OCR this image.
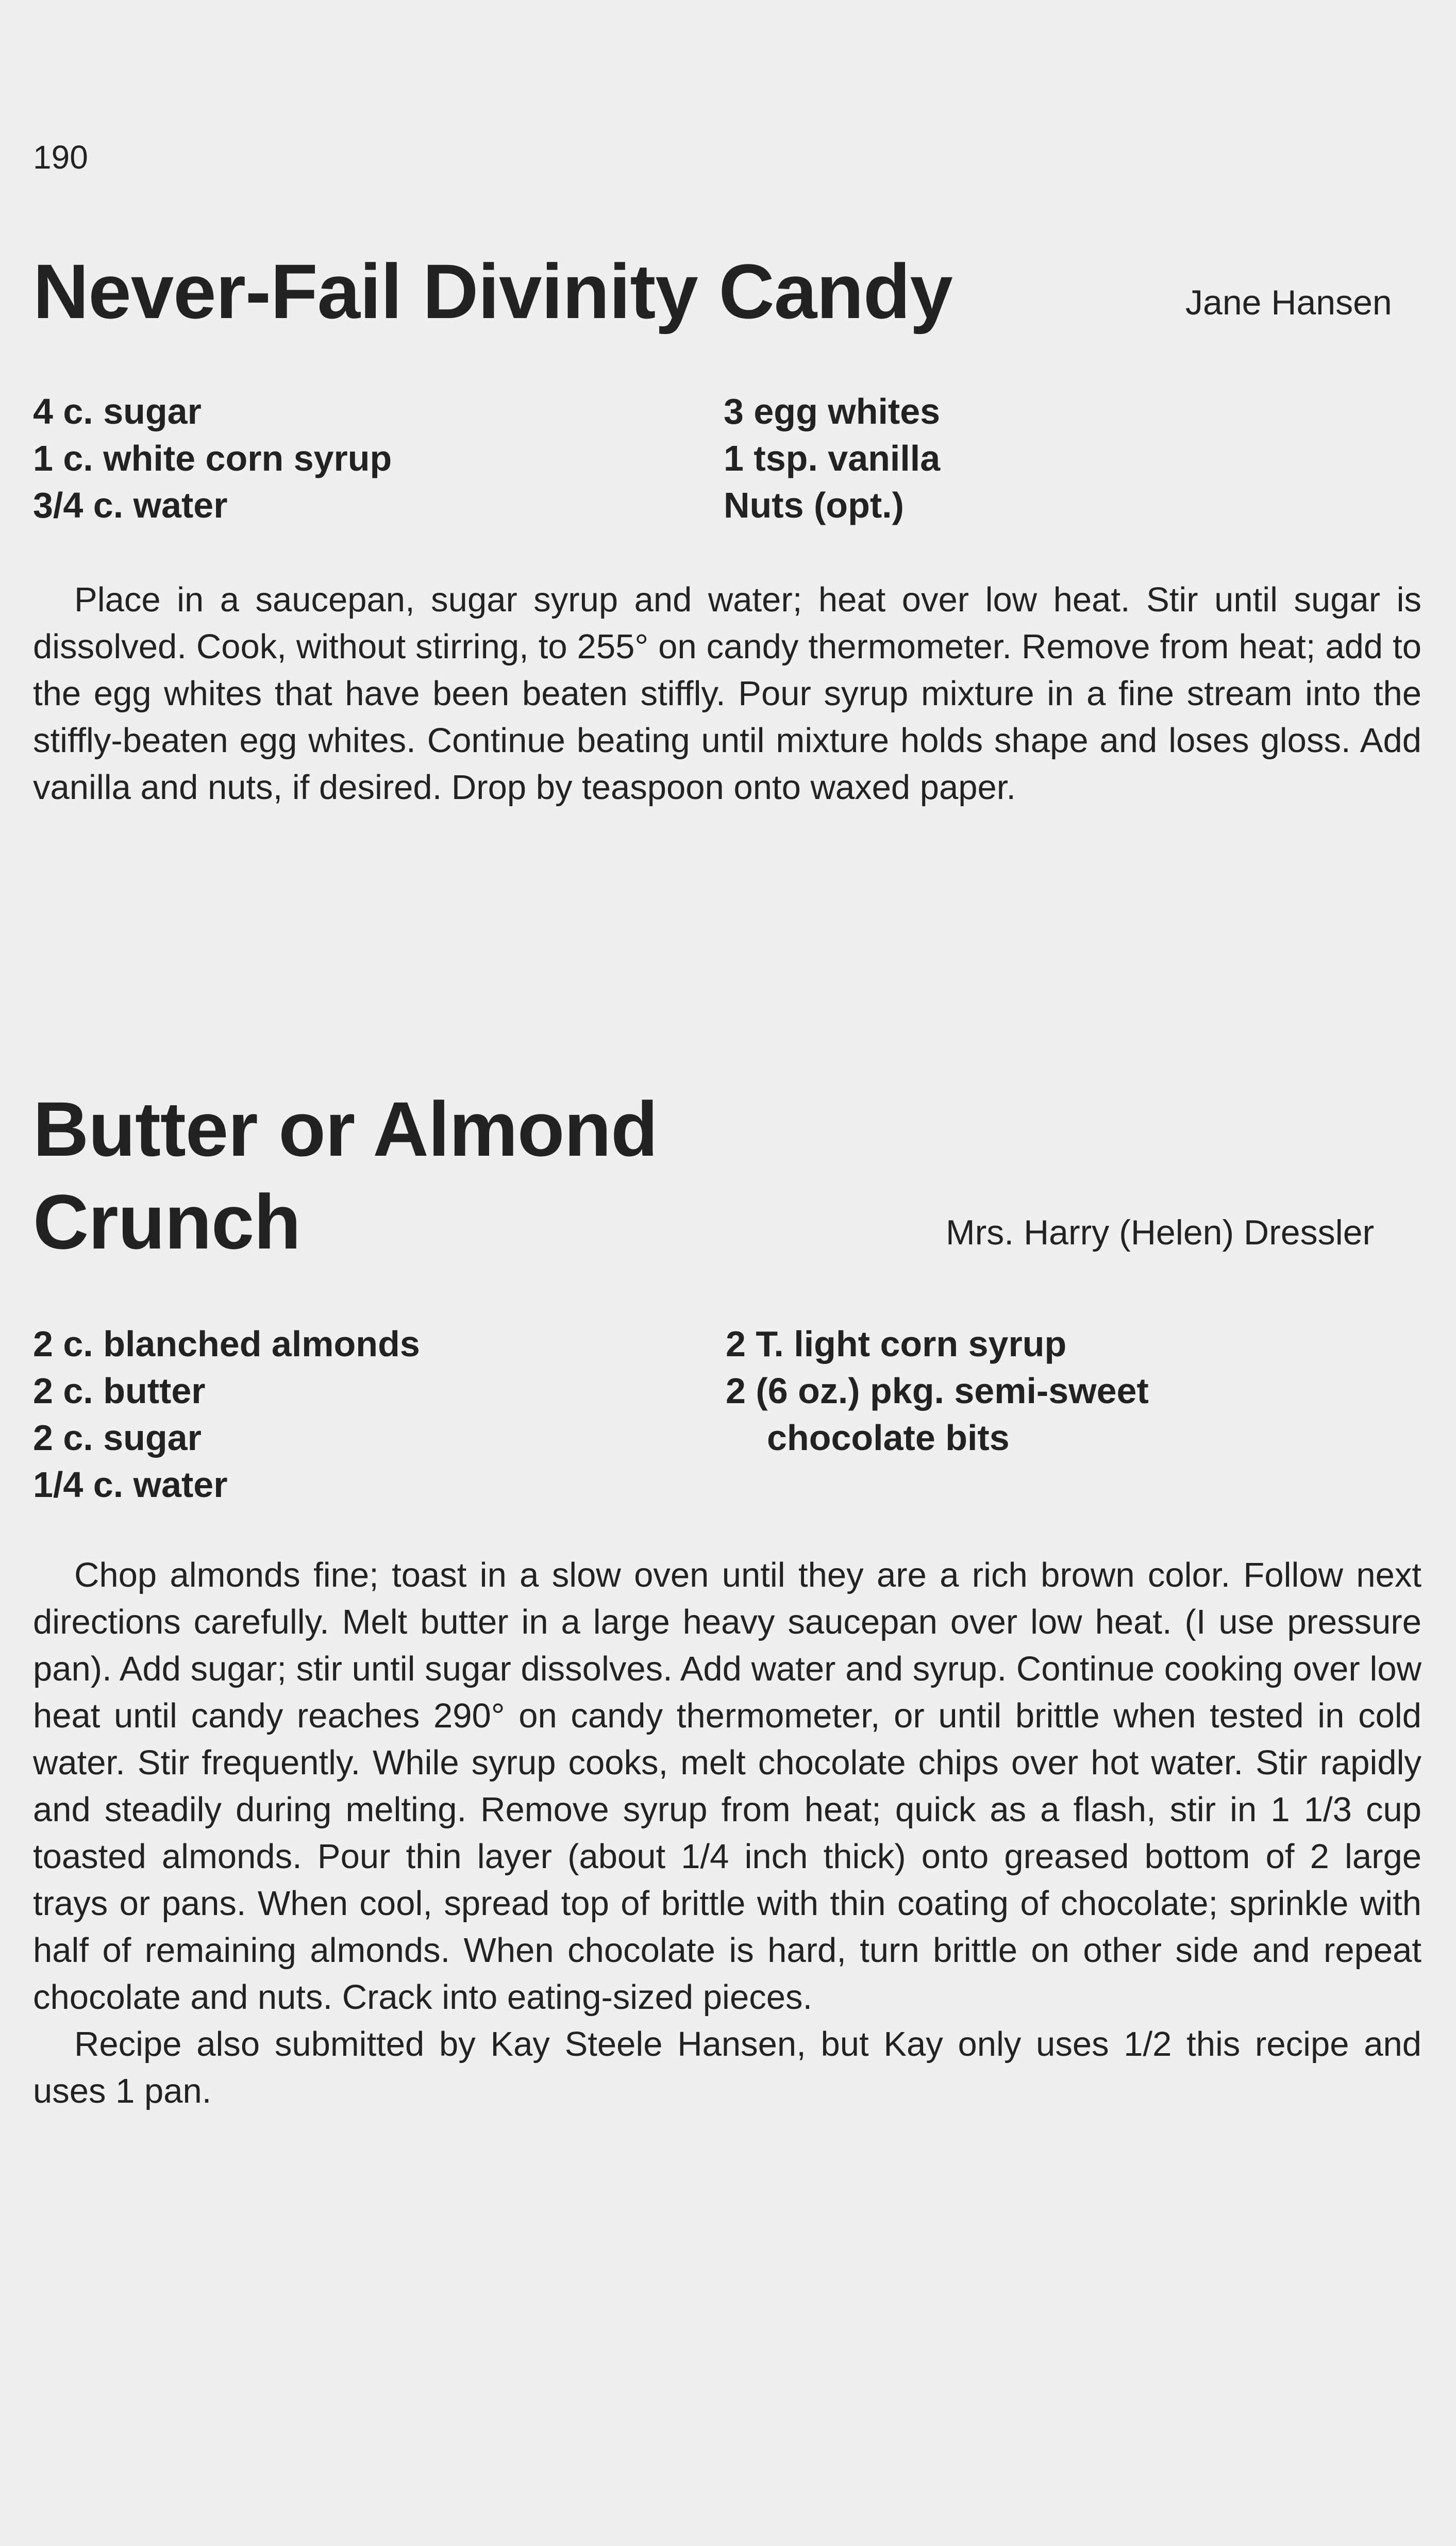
190
Never-Fail Divinity Candy	Jane Hansen
4 c. sugar
1 c. white corn syrup
3/4 c. water
3 egg whites
1 tsp. vanilla
Nuts (opt.)

Place in a saucepan, sugar syrup and water; heat over low heat. Stir until sugar is dissolved. Cook, without stirring, to 255° on candy thermometer. Remove from heat; add to the egg whites that have been beaten stiffly. Pour syrup mixture in a fine stream into the stiffly-beaten egg whites. Continue beating until mixture holds shape and loses gloss. Add vanilla and nuts, if desired. Drop by teaspoon onto waxed paper.

Butter or Almond
Crunch	Mrs. Harry (Helen) Dressler
2 c. blanched almonds
2 c. butter
2 c. sugar
1/4 c. water
2 T. light corn syrup
2 (6 oz.) pkg. semi-sweet
chocolate bits

Chop almonds fine; toast in a slow oven until they are a rich brown color. Follow next directions carefully. Melt butter in a large heavy saucepan over low heat. (I use pressure pan). Add sugar; stir until sugar dissolves. Add water and syrup. Continue cooking over low heat until candy reaches 290° on candy thermometer, or until brittle when tested in cold water. Stir frequently. While syrup cooks, melt chocolate chips over hot water. Stir rapidly and steadily during melting. Remove syrup from heat; quick as a flash, stir in 1 1/3 cup toasted almonds. Pour thin layer (about 1/4 inch thick) onto greased bottom of 2 large trays or pans. When cool, spread top of brittle with thin coating of chocolate; sprinkle with half of remaining almonds. When chocolate is hard, turn brittle on other side and repeat chocolate and nuts. Crack into eating-sized pieces.

Recipe also submitted by Kay Steele Hansen, but Kay only uses 1/2 this recipe and uses 1 pan.
